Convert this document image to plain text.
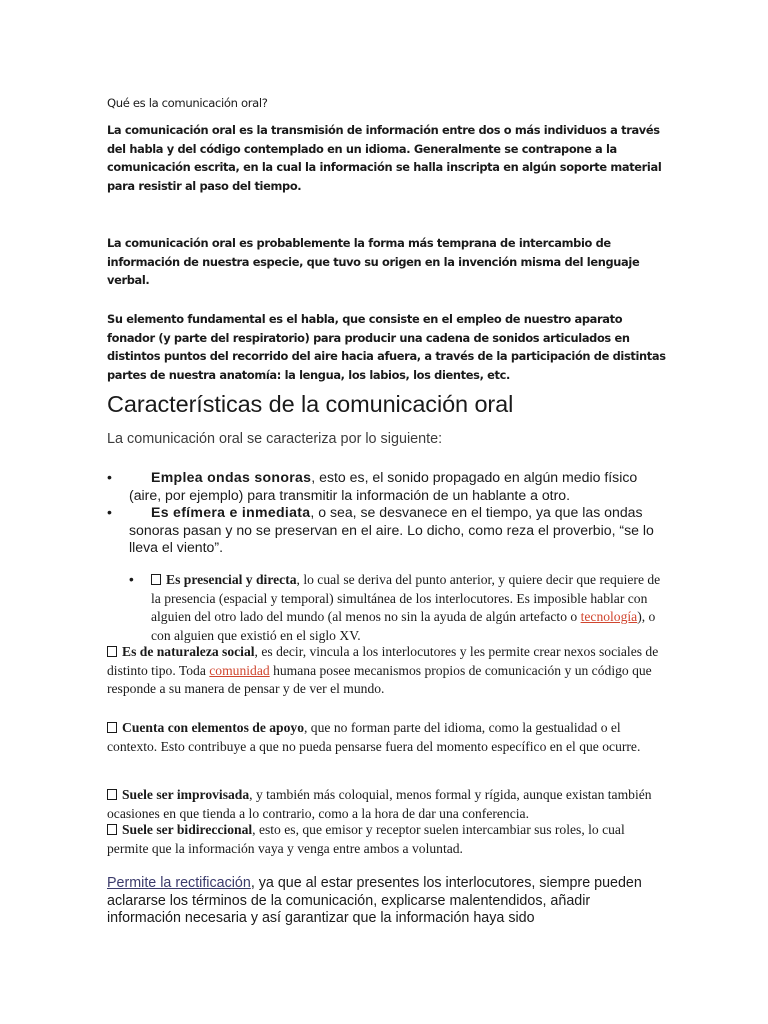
Qué es la comunicación oral?

La comunicación oral es la transmisión de información entre dos o más individuos a través del habla y del código contemplado en un idioma. Generalmente se contrapone a la comunicación escrita, en la cual la información se halla inscripta en algún soporte material para resistir al paso del tiempo.

La comunicación oral es probablemente la forma más temprana de intercambio de información de nuestra especie, que tuvo su origen en la invención misma del lenguaje verbal.

Su elemento fundamental es el habla, que consiste en el empleo de nuestro aparato fonador (y parte del respiratorio) para producir una cadena de sonidos articulados en distintos puntos del recorrido del aire hacia afuera, a través de la participación de distintas partes de nuestra anatomía: la lengua, los labios, los dientes, etc.

Características de la comunicación oral

La comunicación oral se caracteriza por lo siguiente:

•	Emplea ondas sonoras, esto es, el sonido propagado en algún medio físico (aire, por ejemplo) para transmitir la información de un hablante a otro.
•	Es efímera e inmediata, o sea, se desvanece en el tiempo, ya que las ondas sonoras pasan y no se preservan en el aire. Lo dicho, como reza el proverbio, “se lo lleva el viento”.

• Es presencial y directa, lo cual se deriva del punto anterior, y quiere decir que requiere de la presencia (espacial y temporal) simultánea de los interlocutores. Es imposible hablar con alguien del otro lado del mundo (al menos no sin la ayuda de algún artefacto o tecnología), o con alguien que existió en el siglo XV.

Es de naturaleza social, es decir, vincula a los interlocutores y les permite crear nexos sociales de distinto tipo. Toda comunidad humana posee mecanismos propios de comunicación y un código que responde a su manera de pensar y de ver el mundo.

Cuenta con elementos de apoyo, que no forman parte del idioma, como la gestualidad o el contexto. Esto contribuye a que no pueda pensarse fuera del momento específico en el que ocurre.

Suele ser improvisada, y también más coloquial, menos formal y rígida, aunque existan también ocasiones en que tienda a lo contrario, como a la hora de dar una conferencia.

Suele ser bidireccional, esto es, que emisor y receptor suelen intercambiar sus roles, lo cual permite que la información vaya y venga entre ambos a voluntad.

Permite la rectificación, ya que al estar presentes los interlocutores, siempre pueden aclararse los términos de la comunicación, explicarse malentendidos, añadir información necesaria y así garantizar que la información haya sido
